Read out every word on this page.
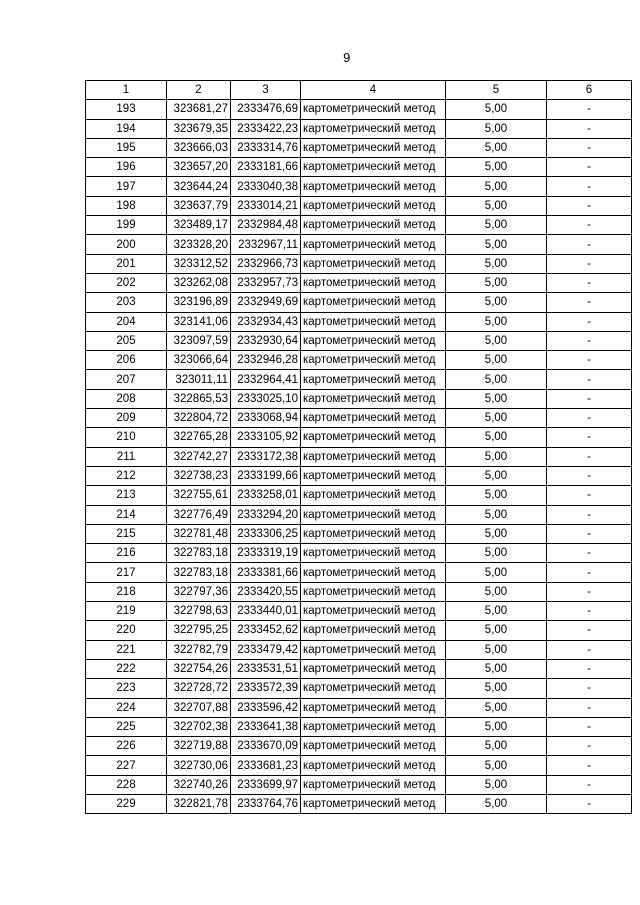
9
1	2	3	4	5	6
193	323681,27	2333476,69	картометрический метод	5,00	-
194	323679,35	2333422,23	картометрический метод	5,00	-
195	323666,03	2333314,76	картометрический метод	5,00	-
196	323657,20	2333181,66	картометрический метод	5,00	-
197	323644,24	2333040,38	картометрический метод	5,00	-
198	323637,79	2333014,21	картометрический метод	5,00	-
199	323489,17	2332984,48	картометрический метод	5,00	-
200	323328,20	2332967,11	картометрический метод	5,00	-
201	323312,52	2332966,73	картометрический метод	5,00	-
202	323262,08	2332957,73	картометрический метод	5,00	-
203	323196,89	2332949,69	картометрический метод	5,00	-
204	323141,06	2332934,43	картометрический метод	5,00	-
205	323097,59	2332930,64	картометрический метод	5,00	-
206	323066,64	2332946,28	картометрический метод	5,00	-
207	323011,11	2332964,41	картометрический метод	5,00	-
208	322865,53	2333025,10	картометрический метод	5,00	-
209	322804,72	2333068,94	картометрический метод	5,00	-
210	322765,28	2333105,92	картометрический метод	5,00	-
211	322742,27	2333172,38	картометрический метод	5,00	-
212	322738,23	2333199,66	картометрический метод	5,00	-
213	322755,61	2333258,01	картометрический метод	5,00	-
214	322776,49	2333294,20	картометрический метод	5,00	-
215	322781,48	2333306,25	картометрический метод	5,00	-
216	322783,18	2333319,19	картометрический метод	5,00	-
217	322783,18	2333381,66	картометрический метод	5,00	-
218	322797,36	2333420,55	картометрический метод	5,00	-
219	322798,63	2333440,01	картометрический метод	5,00	-
220	322795,25	2333452,62	картометрический метод	5,00	-
221	322782,79	2333479,42	картометрический метод	5,00	-
222	322754,26	2333531,51	картометрический метод	5,00	-
223	322728,72	2333572,39	картометрический метод	5,00	-
224	322707,88	2333596,42	картометрический метод	5,00	-
225	322702,38	2333641,38	картометрический метод	5,00	-
226	322719,88	2333670,09	картометрический метод	5,00	-
227	322730,06	2333681,23	картометрический метод	5,00	-
228	322740,26	2333699,97	картометрический метод	5,00	-
229	322821,78	2333764,76	картометрический метод	5,00	-
